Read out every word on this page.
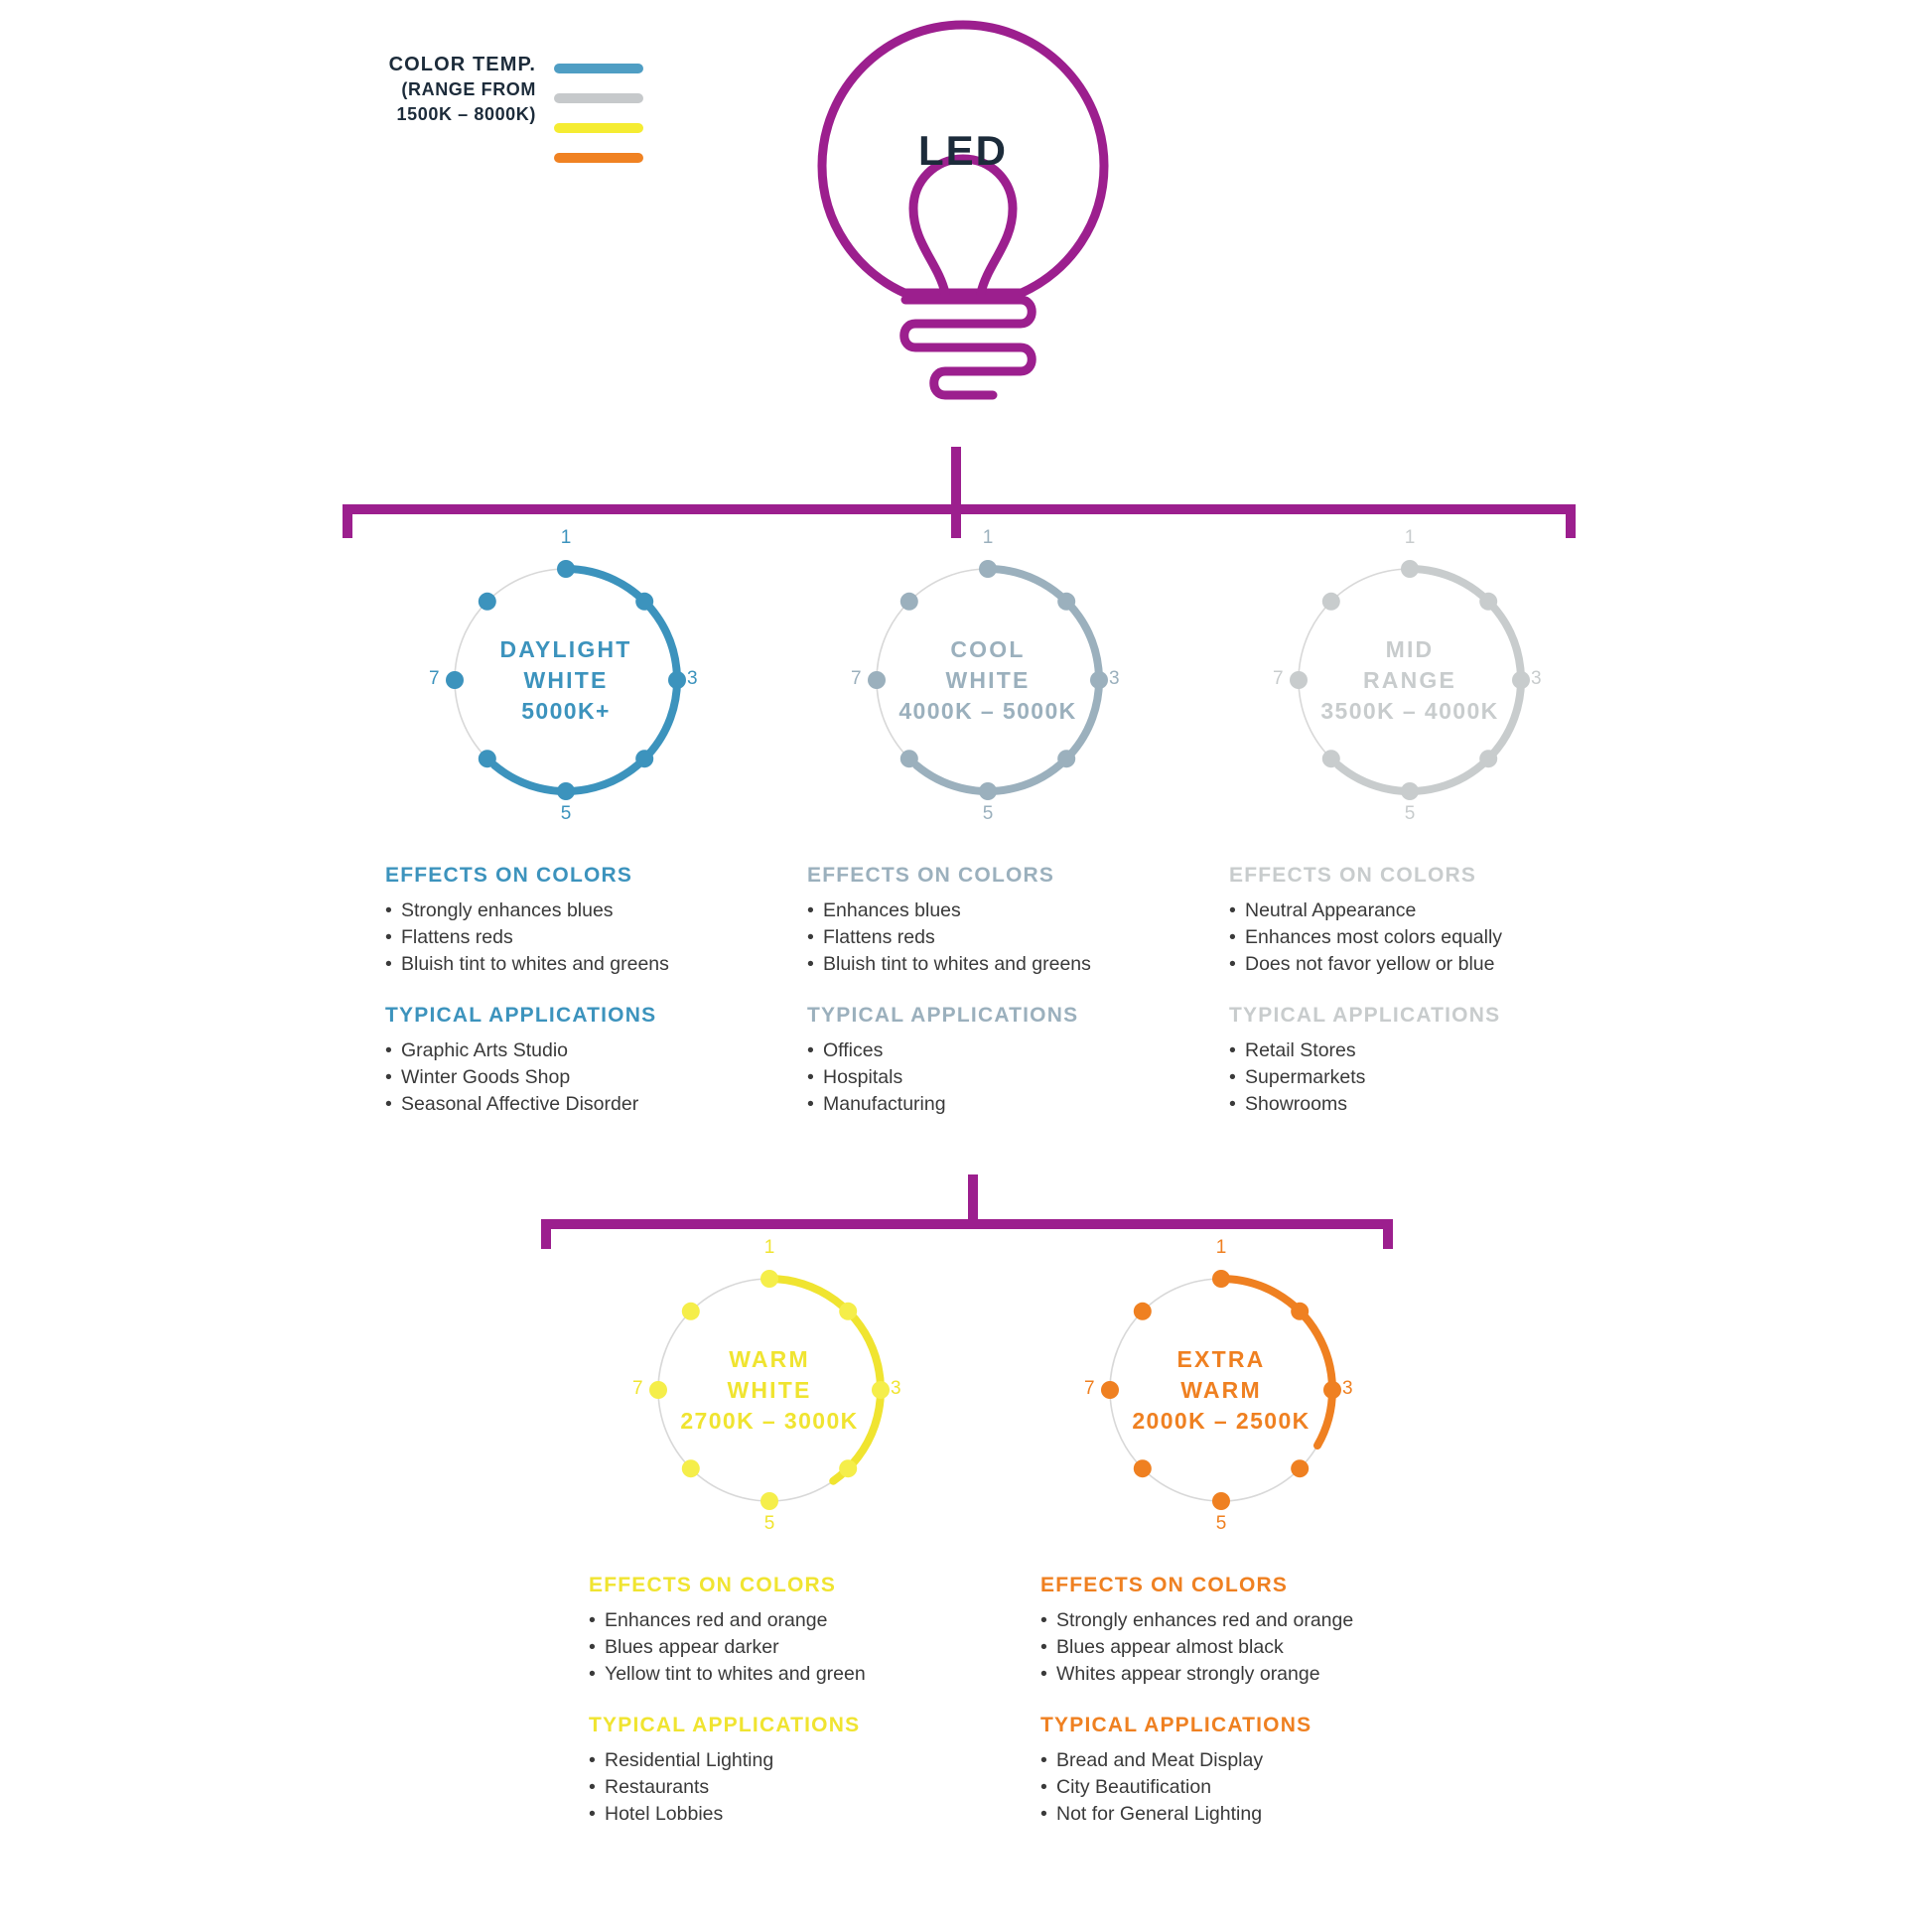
COLOR TEMP.
(RANGE FROM
1500K – 8000K)
LED
DAYLIGHT
WHITE
5000K+
1
3
5
7
EFFECTS ON COLORS
• Strongly enhances blues
• Flattens reds
• Bluish tint to whites and greens
TYPICAL APPLICATIONS
• Graphic Arts Studio
• Winter Goods Shop
• Seasonal Affective Disorder
COOL
WHITE
4000K – 5000K
1
3
5
7
EFFECTS ON COLORS
• Enhances blues
• Flattens reds
• Bluish tint to whites and greens
TYPICAL APPLICATIONS
• Offices
• Hospitals
• Manufacturing
MID
RANGE
3500K – 4000K
1
3
5
7
EFFECTS ON COLORS
• Neutral Appearance
• Enhances most colors equally
• Does not favor yellow or blue
TYPICAL APPLICATIONS
• Retail Stores
• Supermarkets
• Showrooms
WARM
WHITE
2700K – 3000K
1
3
5
7
EFFECTS ON COLORS
• Enhances red and orange
• Blues appear darker
• Yellow tint to whites and green
TYPICAL APPLICATIONS
• Residential Lighting
• Restaurants
• Hotel Lobbies
EXTRA
WARM
2000K – 2500K
1
3
5
7
EFFECTS ON COLORS
• Strongly enhances red and orange
• Blues appear almost black
• Whites appear strongly orange
TYPICAL APPLICATIONS
• Bread and Meat Display
• City Beautification
• Not for General Lighting
